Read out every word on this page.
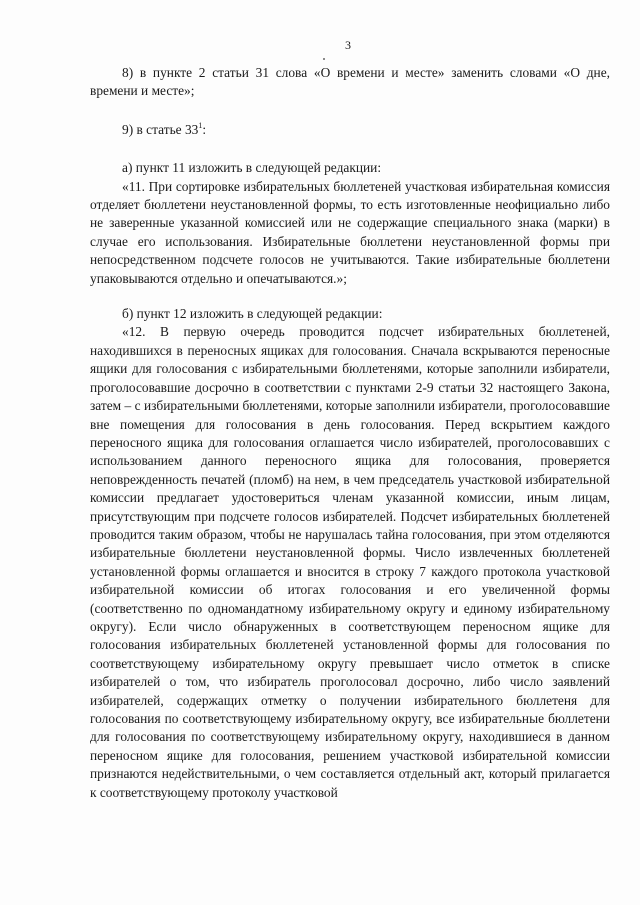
3

8) в пункте 2 статьи 31 слова «О времени и месте» заменить словами «О дне, времени и месте»;

9) в статье $33^1$:

а) пункт 11 изложить в следующей редакции:

«11. При сортировке избирательных бюллетеней участковая избирательная комиссия отделяет бюллетени неустановленной формы, то есть изготовленные неофициально либо не заверенные указанной комиссией или не содержащие специального знака (марки) в случае его использования. Избирательные бюллетени неустановленной формы при непосредственном подсчете голосов не учитываются. Такие избирательные бюллетени упаковываются отдельно и опечатываются.»;

б) пункт 12 изложить в следующей редакции:

«12. В первую очередь проводится подсчет избирательных бюллетеней, находившихся в переносных ящиках для голосования. Сначала вскрываются переносные ящики для голосования с избирательными бюллетенями, которые заполнили избиратели, проголосовавшие досрочно в соответствии с пунктами 2-9 статьи 32 настоящего Закона, затем – с избирательными бюллетенями, которые заполнили избиратели, проголосовавшие вне помещения для голосования в день голосования. Перед вскрытием каждого переносного ящика для голосования оглашается число избирателей, проголосовавших с использованием данного переносного ящика для голосования, проверяется неповрежденность печатей (пломб) на нем, в чем председатель участковой избирательной комиссии предлагает удостовериться членам указанной комиссии, иным лицам, присутствующим при подсчете голосов избирателей. Подсчет избирательных бюллетеней проводится таким образом, чтобы не нарушалась тайна голосования, при этом отделяются избирательные бюллетени неустановленной формы. Число извлеченных бюллетеней установленной формы оглашается и вносится в строку 7 каждого протокола участковой избирательной комиссии об итогах голосования и его увеличенной формы (соответственно по одномандатному избирательному округу и единому избирательному округу). Если число обнаруженных в соответствующем переносном ящике для голосования избирательных бюллетеней установленной формы для голосования по соответствующему избирательному округу превышает число отметок в списке избирателей о том, что избиратель проголосовал досрочно, либо число заявлений избирателей, содержащих отметку о получении избирательного бюллетеня для голосования по соответствующему избирательному округу, все избирательные бюллетени для голосования по соответствующему избирательному округу, находившиеся в данном переносном ящике для голосования, решением участковой избирательной комиссии признаются недействительными, о чем составляется отдельный акт, который прилагается к соответствующему протоколу участковой
